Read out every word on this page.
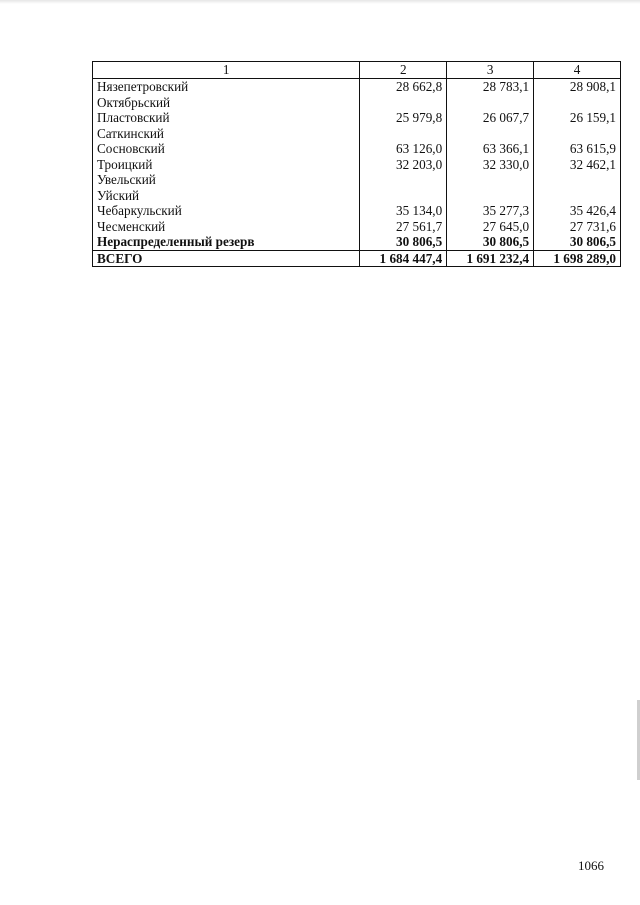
1	2	3	4
Нязепетровский	28 662,8	28 783,1	28 908,1
Октябрьский			
Пластовский	25 979,8	26 067,7	26 159,1
Саткинский			
Сосновский	63 126,0	63 366,1	63 615,9
Троицкий	32 203,0	32 330,0	32 462,1
Увельский			
Уйский			
Чебаркульский	35 134,0	35 277,3	35 426,4
Чесменский	27 561,7	27 645,0	27 731,6
Нераспределенный резерв	30 806,5	30 806,5	30 806,5
ВСЕГО	1 684 447,4	1 691 232,4	1 698 289,0
1066
